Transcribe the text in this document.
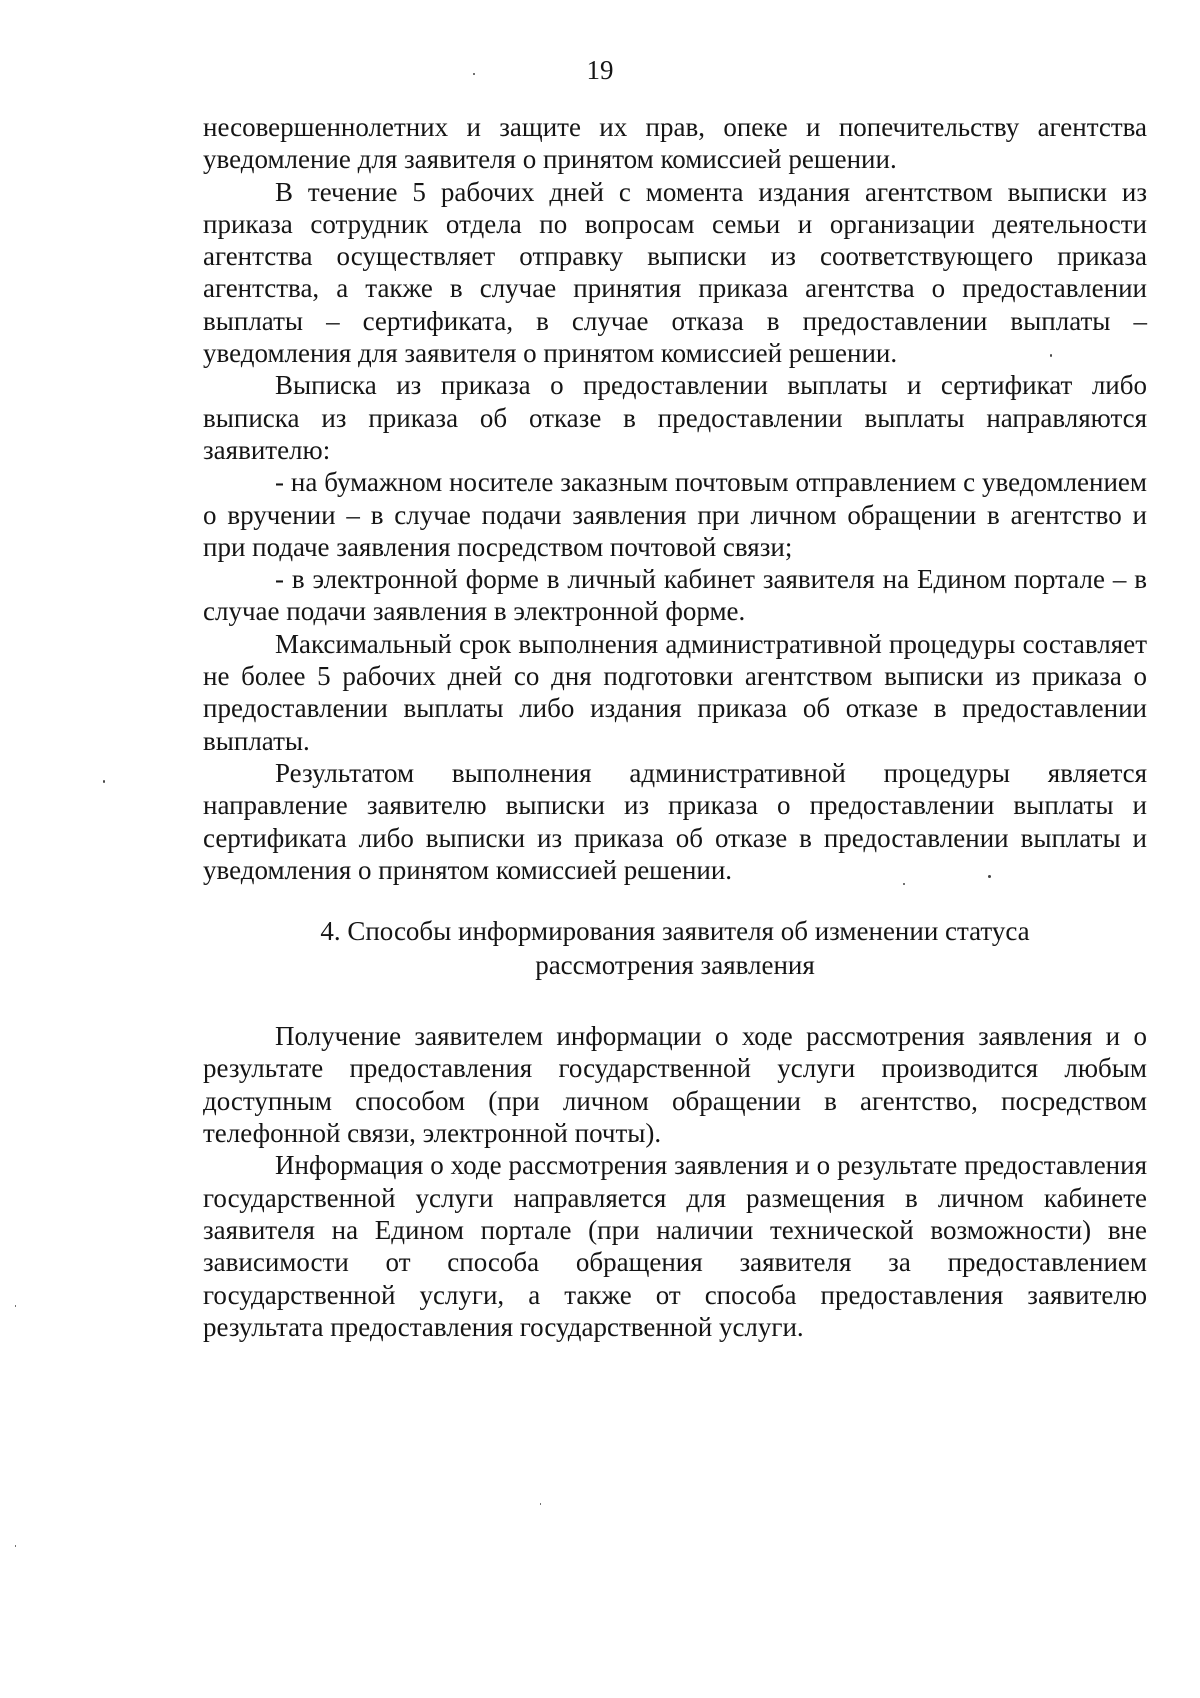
19

несовершеннолетних и защите их прав, опеке и попечительству агентства уведомление для заявителя о принятом комиссией решении.

В течение 5 рабочих дней с момента издания агентством выписки из приказа сотрудник отдела по вопросам семьи и организации деятельности агентства осуществляет отправку выписки из соответствующего приказа агентства, а также в случае принятия приказа агентства о предоставлении выплаты – сертификата, в случае отказа в предоставлении выплаты – уведомления для заявителя о принятом комиссией решении.

Выписка из приказа о предоставлении выплаты и сертификат либо выписка из приказа об отказе в предоставлении выплаты направляются заявителю:

- на бумажном носителе заказным почтовым отправлением с уведомлением о вручении – в случае подачи заявления при личном обращении в агентство и при подаче заявления посредством почтовой связи;

- в электронной форме в личный кабинет заявителя на Едином портале – в случае подачи заявления в электронной форме.

Максимальный срок выполнения административной процедуры составляет не более 5 рабочих дней со дня подготовки агентством выписки из приказа о предоставлении выплаты либо издания приказа об отказе в предоставлении выплаты.

Результатом выполнения административной процедуры является направление заявителю выписки из приказа о предоставлении выплаты и сертификата либо выписки из приказа об отказе в предоставлении выплаты и уведомления о принятом комиссией решении.

4. Способы информирования заявителя об изменении статуса
рассмотрения заявления

Получение заявителем информации о ходе рассмотрения заявления и о результате предоставления государственной услуги производится любым доступным способом (при личном обращении в агентство, посредством телефонной связи, электронной почты).

Информация о ходе рассмотрения заявления и о результате предоставления государственной услуги направляется для размещения в личном кабинете заявителя на Едином портале (при наличии технической возможности) вне зависимости от способа обращения заявителя за предоставлением государственной услуги, а также от способа предоставления заявителю результата предоставления государственной услуги.
